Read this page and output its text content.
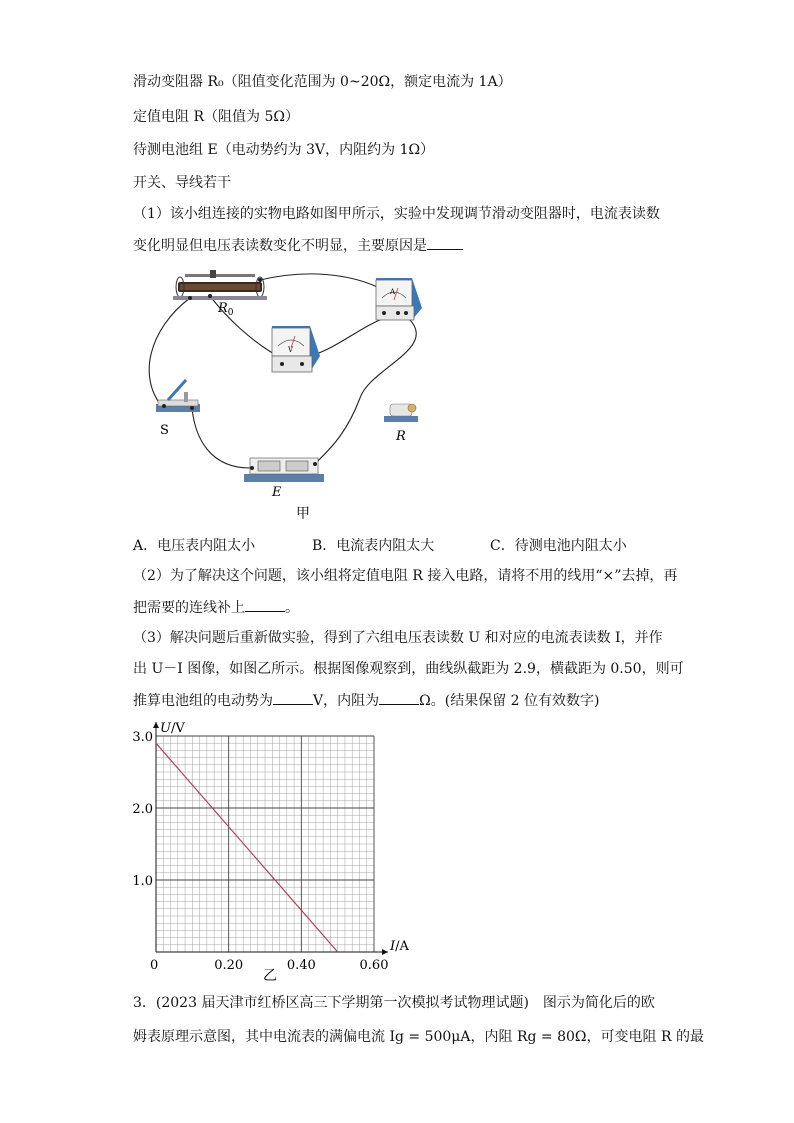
滑动变阻器 R₀（阻值变化范围为 0~20Ω，额定电流为 1A）
定值电阻 R（阻值为 5Ω）
待测电池组 E（电动势约为 3V，内阻约为 1Ω）
开关、导线若干
（1）该小组连接的实物电路如图甲所示，实验中发现调节滑动变阻器时，电流表读数
变化明显但电压表读数变化不明显，主要原因是
$R_0$
A
V
S	R
E
甲
A．电压表内阻太小	B．电流表内阻太大	C．待测电池内阻太小
（2）为了解决这个问题，该小组将定值电阻 R 接入电路，请将不用的线用“×”去掉，再
把需要的连线补上	。
（3）解决问题后重新做实验，得到了六组电压表读数 U 和对应的电流表读数 I，并作
出 U－I 图像，如图乙所示。根据图像观察到，曲线纵截距为 2.9，横截距为 0.50，则可
推算电池组的电动势为	V，内阻为	Ω。(结果保留 2 位有效数字)
0	0.20	0.40	0.60
1.0
2.0
3.0
U/V
I/A
乙
3．(2023 届天津市红桥区高三下学期第一次模拟考试物理试题)　图示为简化后的欧
姆表原理示意图，其中电流表的满偏电流 Ig = 500μA，内阻 Rg = 80Ω，可变电阻 R 的最
